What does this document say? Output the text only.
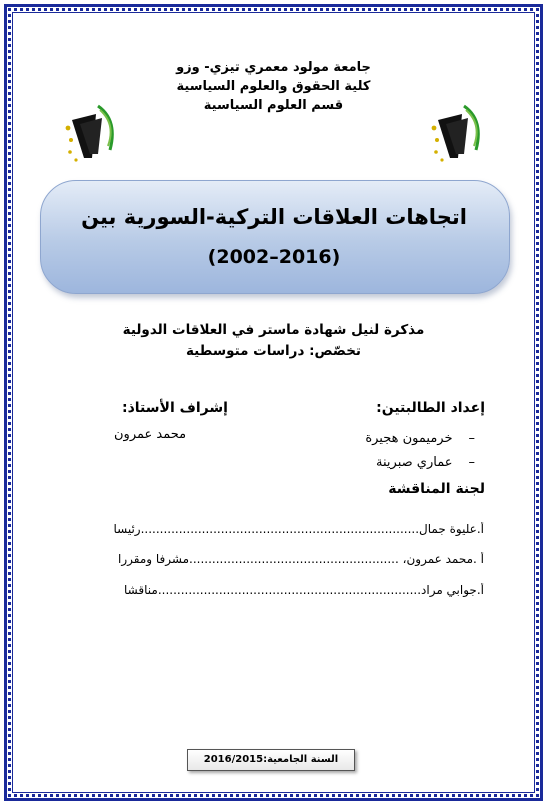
جامعة مولود معمري تيزي- وزو
كلية الحقوق والعلوم السياسية
قسم العلوم السياسية
اتجاهات العلاقات التركية-السورية بين
(2002–2016)
مذكرة لنيل شهادة ماستر في العلاقات الدولية
تخصّص: دراسات متوسطية
إعداد الطالبتين:
–خرميمون هجيرة
–عماري صبرينة
إشراف الأستاذ:
محمد عمرون
لجنة المناقشة
أ.عليوة جمال.........................................................................رئيسا
أ .محمد عمرون، .......................................................مشرفا ومقررا
أ.جوابي مراد.....................................................................مناقشا
السنة الجامعية:2016/2015
